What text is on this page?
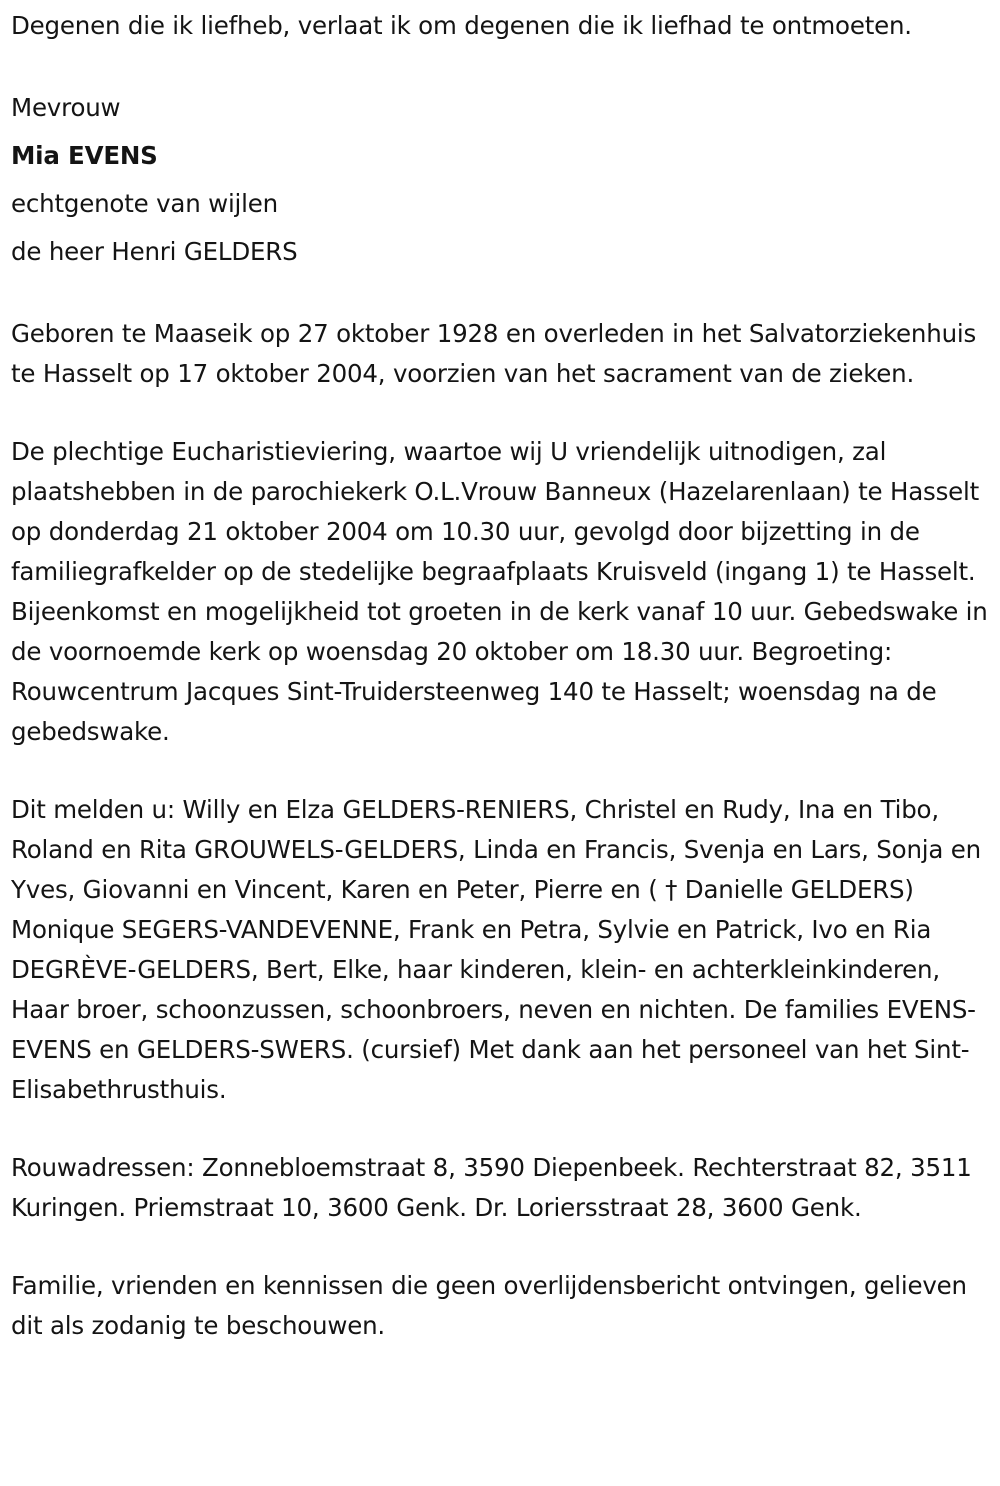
Degenen die ik liefheb, verlaat ik om degenen die ik liefhad te ontmoeten.

Mevrouw

Mia EVENS

echtgenote van wijlen

de heer Henri GELDERS

Geboren te Maaseik op 27 oktober 1928 en overleden in het Salvatorziekenhuis te Hasselt op 17 oktober 2004, voorzien van het sacrament van de zieken.

De plechtige Eucharistieviering, waartoe wij U vriendelijk uitnodigen, zal plaatshebben in de parochiekerk O.L.Vrouw Banneux (Hazelarenlaan) te Hasselt op donderdag 21 oktober 2004 om 10.30 uur, gevolgd door bijzetting in de familiegrafkelder op de stedelijke begraafplaats Kruisveld (ingang 1) te Hasselt. Bijeenkomst en mogelijkheid tot groeten in de kerk vanaf 10 uur. Gebedswake in de voornoemde kerk op woensdag 20 oktober om 18.30 uur. Begroeting: Rouwcentrum Jacques Sint-Truidersteenweg 140 te Hasselt; woensdag na de gebedswake.

Dit melden u: Willy en Elza GELDERS-RENIERS, Christel en Rudy, Ina en Tibo, Roland en Rita GROUWELS-GELDERS, Linda en Francis, Svenja en Lars, Sonja en Yves, Giovanni en Vincent, Karen en Peter, Pierre en ( † Danielle GELDERS) Monique SEGERS-VANDEVENNE, Frank en Petra, Sylvie en Patrick, Ivo en Ria DEGRÈVE-GELDERS, Bert, Elke, haar kinderen, klein- en achterkleinkinderen, Haar broer, schoonzussen, schoonbroers, neven en nichten. De families EVENS-EVENS en GELDERS-SWERS. (cursief) Met dank aan het personeel van het Sint-Elisabethrusthuis.

Rouwadressen: Zonnebloemstraat 8, 3590 Diepenbeek. Rechterstraat 82, 3511 Kuringen. Priemstraat 10, 3600 Genk. Dr. Loriersstraat 28, 3600 Genk.

Familie, vrienden en kennissen die geen overlijdensbericht ontvingen, gelieven dit als zodanig te beschouwen.
